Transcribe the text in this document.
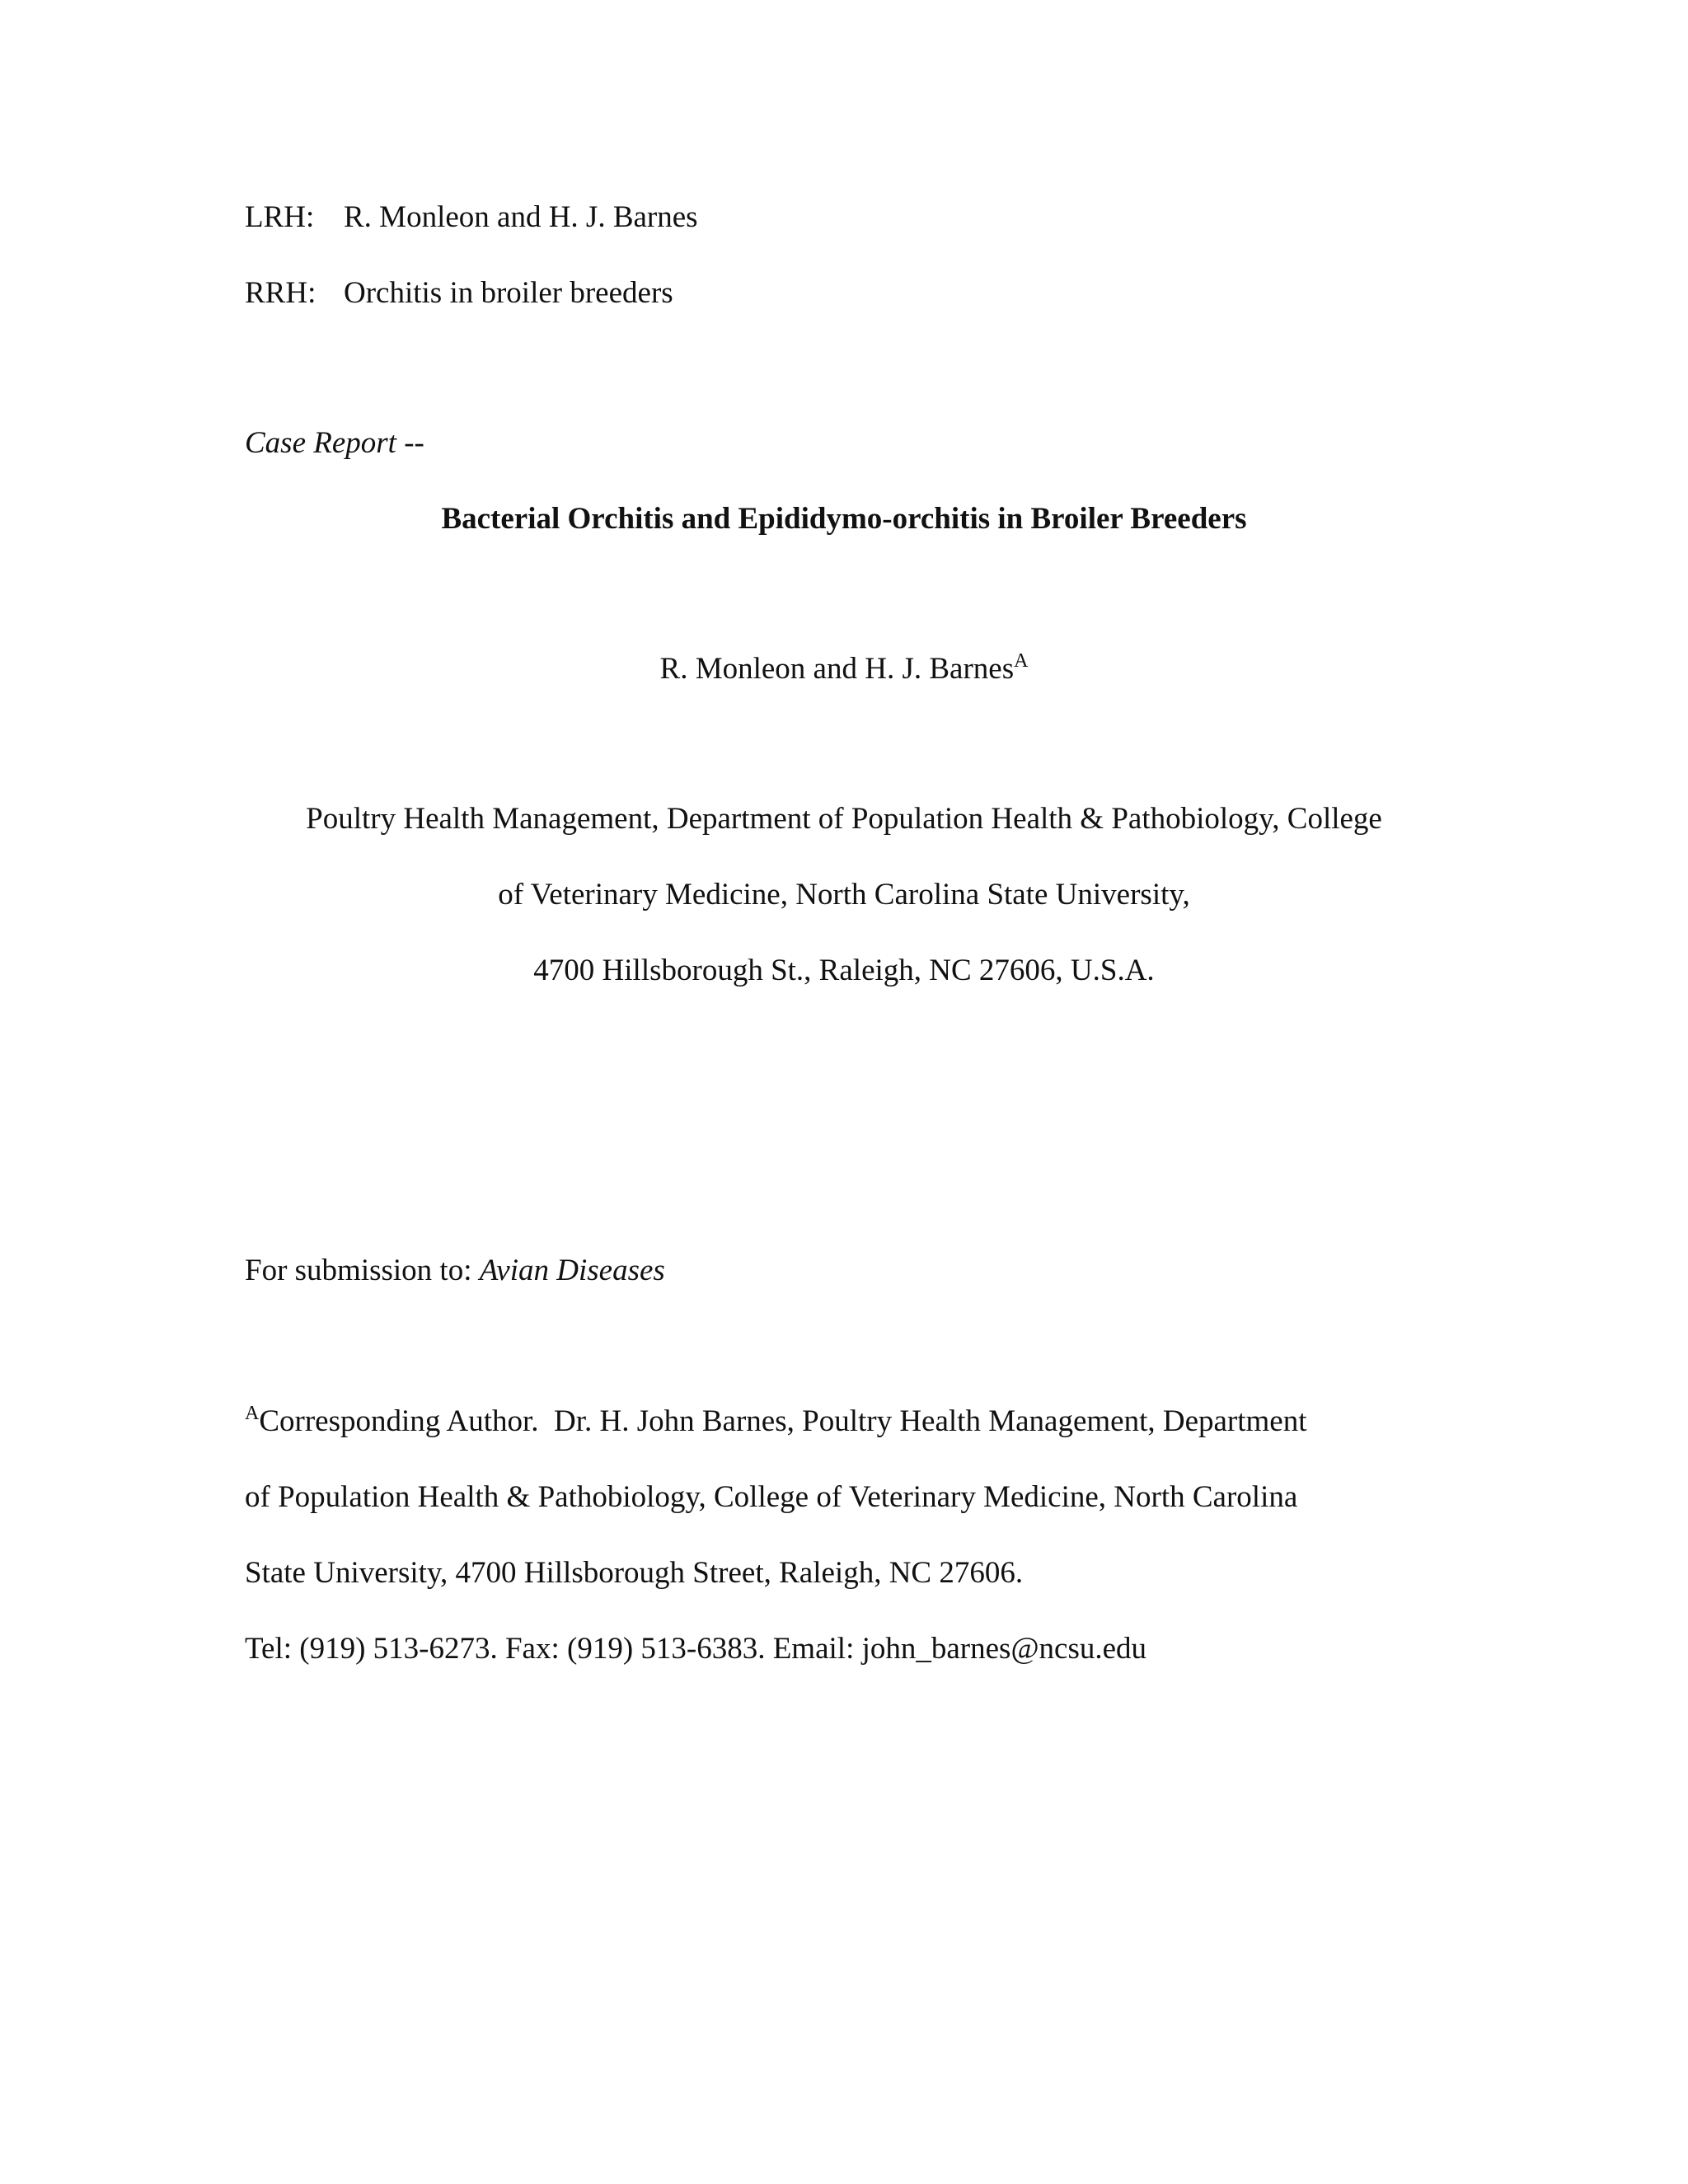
LRH: R. Monleon and H. J. Barnes
RRH: Orchitis in broiler breeders
Case Report --
Bacterial Orchitis and Epididymo-orchitis in Broiler Breeders
R. Monleon and H. J. Barnes$^A$
Poultry Health Management, Department of Population Health & Pathobiology, College
of Veterinary Medicine, North Carolina State University,
4700 Hillsborough St., Raleigh, NC 27606, U.S.A.
For submission to: Avian Diseases
$^A$Corresponding Author.  Dr. H. John Barnes, Poultry Health Management, Department
of Population Health & Pathobiology, College of Veterinary Medicine, North Carolina
State University, 4700 Hillsborough Street, Raleigh, NC 27606.
Tel: (919) 513-6273. Fax: (919) 513-6383. Email: john_barnes@ncsu.edu
